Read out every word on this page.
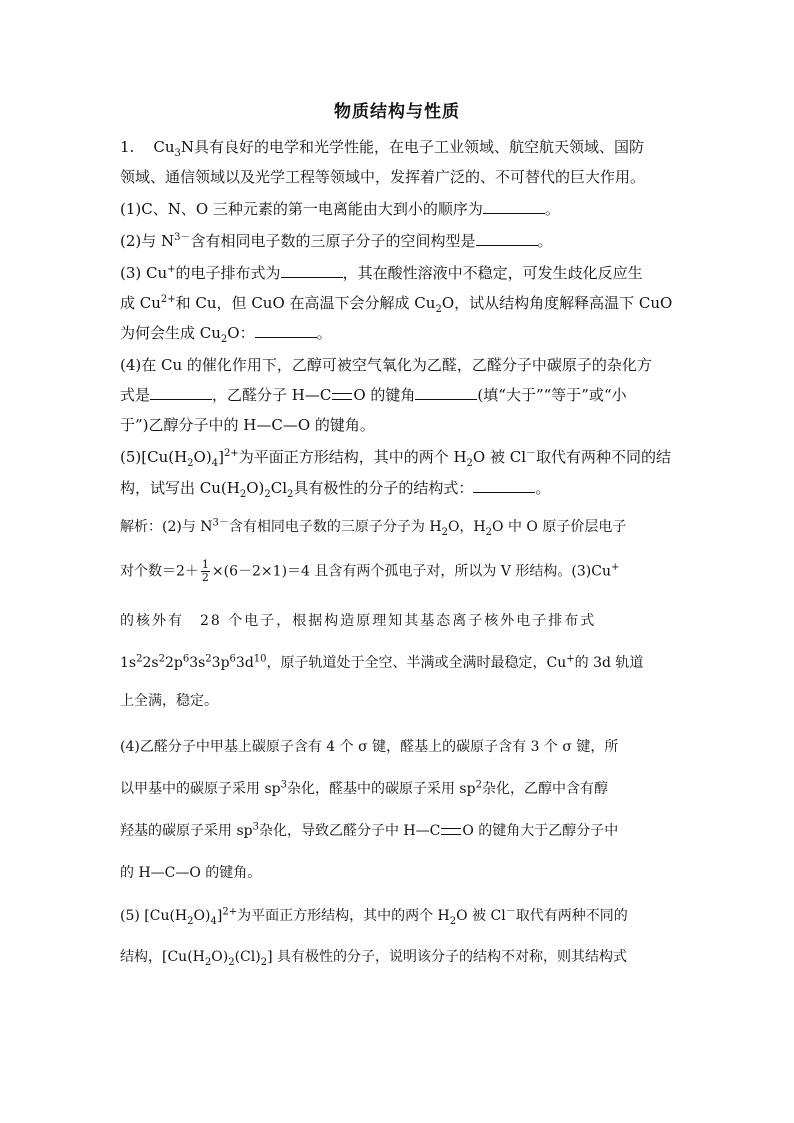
物质结构与性质
1. $Cu_3N$具有良好的电学和光学性能，在电子工业领域、航空航天领域、国防
领域、通信领域以及光学工程等领域中，发挥着广泛的、不可替代的巨大作用。
(1)C、N、O 三种元素的第一电离能由大到小的顺序为	。
(2)与 $N^{3-}$含有相同电子数的三原子分子的空间构型是	。
(3) Cu+的电子排布式为	，其在酸性溶液中不稳定，可发生歧化反应生
成 $Cu^{2+}$和 Cu，但 CuO 在高温下会分解成 $Cu_2O$，试从结构角度解释高温下 CuO
为何会生成 $Cu_2O$：	。
(4)在 Cu 的催化作用下，乙醇可被空气氧化为乙醛，乙醛分子中碳原子的杂化方
式是	，乙醛分子 H—C O 的键角	(填“大于”“等于”或“小
于”)乙醇分子中的 H—C—O 的键角。
$(5)[Cu(H_2O)_4]^{2+}$为平面正方形结构，其中的两个 $H_2O$ 被 Cl－取代有两种不同的结
构，试写出 $Cu(H_2O)_2Cl_2$具有极性的分子的结构式：	。
解析：(2)与 $N^{3-}$含有相同电子数的三原子分子为 $H_2O$，$H_2O$ 中 O 原子价层电子
对个数$=2+ \frac{1}{2} \times(6-2\times 1)=4$ 且含有两个孤电子对，所以为 V 形结构。(3)Cu+
的核外有　28 个电子，根据构造原理知其基态离子核外电子排布式
$1s^22s^22p^63s^23p^63d^{10}$，原子轨道处于全空、半满或全满时最稳定，Cu+的 3d 轨道
上全满，稳定。
(4)乙醛分子中甲基上碳原子含有 4 个 σ 键，醛基上的碳原子含有 3 个 σ 键，所
以甲基中的碳原子采用 $sp^3$杂化，醛基中的碳原子采用 $sp^2$杂化，乙醇中含有醇
羟基的碳原子采用 $sp^3$杂化，导致乙醛分子中 H—C O 的键角大于乙醇分子中
的 H—C—O 的键角。
(5) $[Cu(H_2O)_4]^{2+}$为平面正方形结构，其中的两个 $H_2O$ 被 Cl－取代有两种不同的
结构，$[Cu(H_2O)_2(Cl)_2]$ 具有极性的分子，说明该分子的结构不对称，则其结构式
